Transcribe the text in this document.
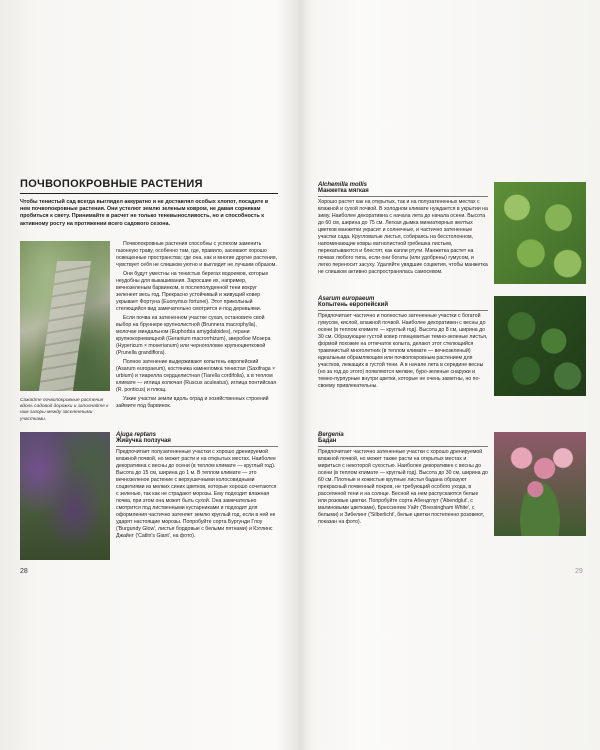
ПОЧВОПОКРОВНЫЕ РАСТЕНИЯ

Чтобы тенистый сад всегда выглядел аккуратно и не доставлял особых хлопот, посадите в нем почвопокровные растения. Они устелют землю зеленым ковром, не давая сорнякам пробиться к свету. Принимайте в расчет не только теневыносливость, но и способность к активному росту на протяжении всего садового сезона.

Сажайте почвопокровные растения вдоль садовой дорожки и заполняйте к ним зазоры между заселенными участками.

Почвопокровные растения способны с успехом заменить газонную траву, особенно там, где, правило, засевают хорошо освещенные пространства; где она, как и многие другие растения, чувствует себя не слишком уютно и выглядит не лучшим образом.

Они будут уместны на тенистых берегах водоемов, которые неудобны для выкашивания. Заросшие их, например, вечнозеленым барвинком, в послеполуденной тени вокруг зеленеет весь год. Прекрасно устойчивый и живущий ковер укрывает Фортуна (Euonymus fortunei). Этот прикольный стелющийся вид замечательно смотрится и под деревьями.

Если почва на затененном участке сухая, остановите свой выбор на бруннере крупнолистной (Brunnera macrophylla), молочае миндальном (Euphorbia amygdaloides), герани крупнокорневищной (Geranium macrorrhizum), зверобое Мозера (Hypericum × moserianum) или черноголовке крупноцветковой (Prunella grandiflora).

Полное затенение выдерживают копытень европейский (Asarum europaeum), костяника камнеломка тенистая (Saxifraga × urbium) и тиарелла сердцелистная (Tiarella cordifolia), а в теплом климате — иглица колючая (Ruscus aculeatus), иглица понтийская (R. ponticus) и плющ.

Узкие участки земли вдоль оград и хозяйственных строений займите под барвинок.

Ajuga reptans

Живучка ползучая

Предпочитает полузатененные участки с хорошо дренируемой влажной почвой, но может расти и на открытых местах. Наиболее декоративна с весны до осени (в теплом климате — круглый год). Высота до 15 см, ширина до 1 м. В теплом климате — это вечнозеленое растение с верхушечными колосовидными соцветиями из мелких синих цветков, которые хорошо сочетаются с зеленью, так как не страдают морозы. Ему подходит влажная почва, при этом она может быть сухой. Она замечательно смотрится под лиственными кустарниками и подходит для оформления частично затеняет землю круглый год, если в ней не ударят настоящие морозы. Попробуйте сорта Бургунди Глоу ('Burgundy Glow', листья бордовые с белыми пятнами) и Кэтлинс Джайнт ('Catlin's Giant', на фото).

28

Alchemilla mollis

Манжетка мягкая

Хорошо растет как на открытых, так и на полузатененных местах с влажной и сухой почвой. В холодном климате нуждается в укрытии на зиму. Наиболее декоративна с начала лета до начала осени. Высота до 60 см, ширина до 75 см. Легкая дымка миниатюрных желтых цветков манжетки украсит и солнечные, и частично затененные участки сада. Кругловатые листья, собираясь на бесстолонном, напоминающие ковры ватнолистной гребешка листьев, перекатываются и блестят, как капли ртути. Манжетка растет на почвах любого типа, если они богаты (или удобрены) гумусом, и легко переносит засуху. Удаляйте увядшие соцветия, чтобы манжетка не слишком активно распространялась самосевом.

Asarum europaeum

Копытень европейский

Предпочитает частично и полностью затененные участки с богатой гумусом, кислой, влажной почвой. Наиболее декоративен с весны до осени (в теплом климате — круглый год). Высота до 8 см, ширина до 30 см. Образующие густой ковер глянцевитые темно-зеленые листья, формой похожие на отпечаток копыта, делают этот стелющийся травянистый многолетник (в теплом климате — вечнозеленый) идеальным обрамляющим или почвопокровным растением для участков, лежащих в густой тени. А в начале лета в середине весны (но за год до этого) появляются мелкие, буро-зеленые снаружи и темно-пурпурные внутри цветки, которые не очень заметны, но по-своему привлекательны.

Bergenia

Бадан

Предпочитает частично затененные участки с хорошо дренируемой влажной почвой, но может также расти на открытых местах и мириться с некоторой сухостью. Наиболее декоративен с весны до осени (в теплом климате — круглый год). Высота до 30 см, ширина до 60 см. Плотные и кожистые крупные листья бадана образуют прекрасный почвенный покров, не требующий особого ухода, в рассеянной тени и на солнце. Весной на нем распускаются белые или розовые цветки. Попробуйте сорта Абендглут ('Abendglut', с малиновыми цветками), Бресcингем Уайт ('Bressingham White', с белыми) и Зибелинг ('Silberlicht', белые цветки постепенно розовеют, показан на фото).

29
